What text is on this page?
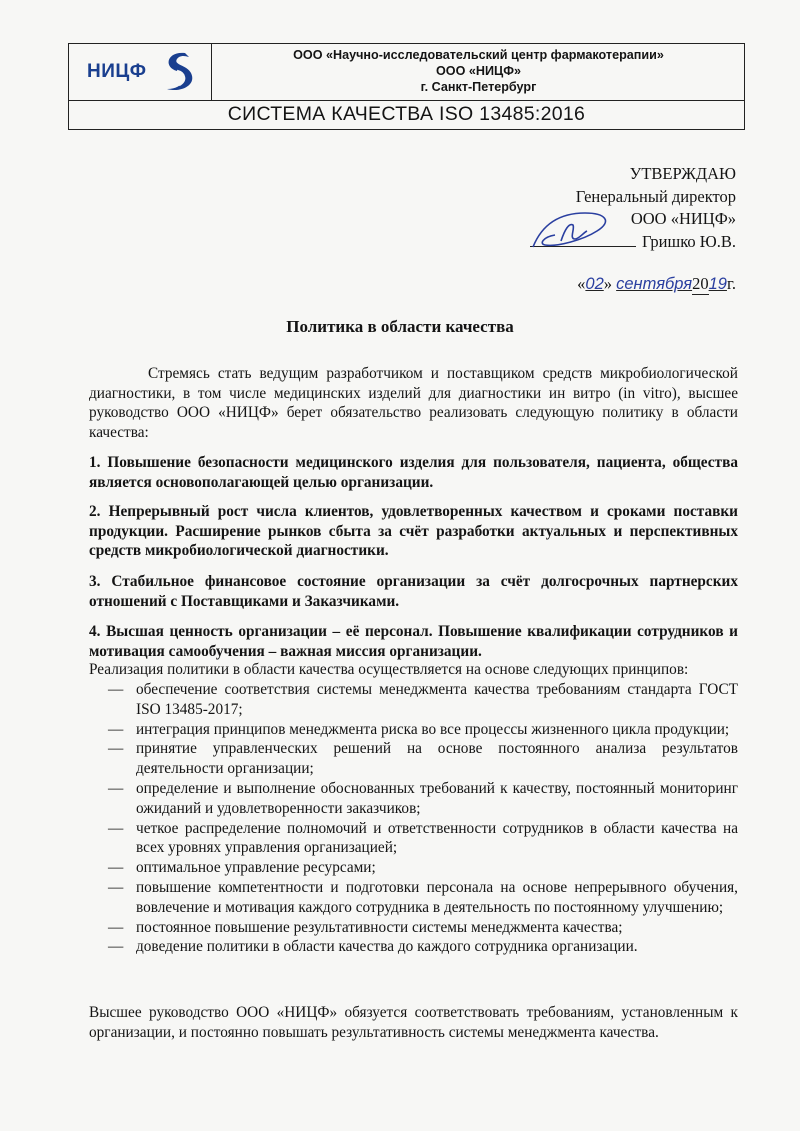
НИЦФ
ООО «Научно-исследовательский центр фармакотерапии»
ООО «НИЦФ»
г. Санкт-Петербург
СИСТЕМА КАЧЕСТВА ISO 13485:2016
УТВЕРЖДАЮ
Генеральный директор
ООО «НИЦФ»
Гришко Ю.В.
«02» сентября2019г.
Политика в области качества
Стремясь стать ведущим разработчиком и поставщиком средств микробиологической диагностики, в том числе медицинских изделий для диагностики ин витро (in vitro), высшее руководство ООО «НИЦФ» берет обязательство реализовать следующую политику в области качества:
1. Повышение безопасности медицинского изделия для пользователя, пациента, общества является основополагающей целью организации.
2. Непрерывный рост числа клиентов, удовлетворенных качеством и сроками поставки продукции. Расширение рынков сбыта за счёт разработки актуальных и перспективных средств микробиологической диагностики.
3. Стабильное финансовое состояние организации за счёт долгосрочных партнерских отношений с Поставщиками и Заказчиками.
4. Высшая ценность организации – её персонал. Повышение квалификации сотрудников и мотивация самообучения – важная миссия организации.
Реализация политики в области качества осуществляется на основе следующих принципов:
— обеспечение соответствия системы менеджмента качества требованиям стандарта ГОСТ ISO 13485-2017;
— интеграция принципов менеджмента риска во все процессы жизненного цикла продукции;
— принятие управленческих решений на основе постоянного анализа результатов деятельности организации;
— определение и выполнение обоснованных требований к качеству, постоянный мониторинг ожиданий и удовлетворенности заказчиков;
— четкое распределение полномочий и ответственности сотрудников в области качества на всех уровнях управления организацией;
— оптимальное управление ресурсами;
— повышение компетентности и подготовки персонала на основе непрерывного обучения, вовлечение и мотивация каждого сотрудника в деятельность по постоянному улучшению;
— постоянное повышение результативности системы менеджмента качества;
— доведение политики в области качества до каждого сотрудника организации.
Высшее руководство ООО «НИЦФ» обязуется соответствовать требованиям, установленным к организации, и постоянно повышать результативность системы менеджмента качества.
